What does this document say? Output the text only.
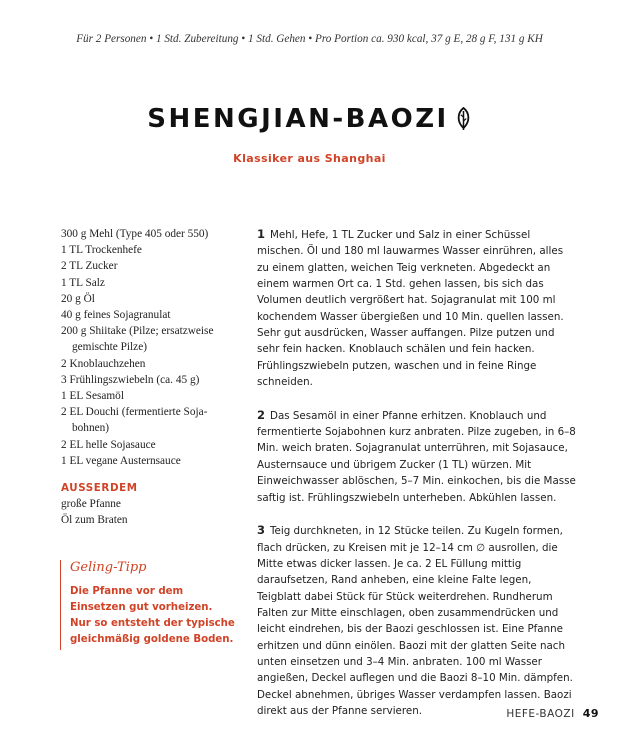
Für 2 Personen • 1 Std. Zubereitung • 1 Std. Gehen • Pro Portion ca. 930 kcal, 37 g E, 28 g F, 131 g KH
SHENGJIAN-BAOZI
Klassiker aus Shanghai
300 g Mehl (Type 405 oder 550)
1 TL Trockenhefe
2 TL Zucker
1 TL Salz
20 g Öl
40 g feines Sojagranulat
200 g Shiitake (Pilze; ersatzweise gemischte Pilze)
2 Knoblauchzehen
3 Frühlingszwiebeln (ca. 45 g)
1 EL Sesamöl
2 EL Douchi (fermentierte Soja-bohnen)
2 EL helle Sojasauce
1 EL vegane Austernsauce
AUSSERDEM
große Pfanne
Öl zum Braten
Geling-Tipp

Die Pfanne vor dem Einsetzen gut vorheizen. Nur so entsteht der typische gleichmäßig goldene Boden.

1 Mehl, Hefe, 1 TL Zucker und Salz in einer Schüssel mischen. Öl und 180 ml lauwarmes Wasser einrühren, alles zu einem glatten, weichen Teig verkneten. Abgedeckt an einem warmen Ort ca. 1 Std. gehen lassen, bis sich das Volumen deutlich vergrößert hat. Sojagranulat mit 100 ml kochendem Wasser übergießen und 10 Min. quellen lassen. Sehr gut ausdrücken, Wasser auffangen. Pilze putzen und sehr fein hacken. Knoblauch schälen und fein hacken. Frühlingszwiebeln putzen, waschen und in feine Ringe schneiden.

2 Das Sesamöl in einer Pfanne erhitzen. Knoblauch und fermentierte Sojabohnen kurz anbraten. Pilze zugeben, in 6–8 Min. weich braten. Sojagranulat unterrühren, mit Sojasauce, Austernsauce und übrigem Zucker (1 TL) würzen. Mit Einweichwasser ablöschen, 5–7 Min. einkochen, bis die Masse saftig ist. Frühlingszwiebeln unterheben. Abkühlen lassen.

3 Teig durchkneten, in 12 Stücke teilen. Zu Kugeln formen, flach drücken, zu Kreisen mit je 12–14 cm ∅ ausrollen, die Mitte etwas dicker lassen. Je ca. 2 EL Füllung mittig daraufsetzen, Rand anheben, eine kleine Falte legen, Teigblatt dabei Stück für Stück weiterdrehen. Rundherum Falten zur Mitte einschlagen, oben zusammendrücken und leicht eindrehen, bis der Baozi geschlossen ist. Eine Pfanne erhitzen und dünn einölen. Baozi mit der glatten Seite nach unten einsetzen und 3–4 Min. anbraten. 100 ml Wasser angießen, Deckel auflegen und die Baozi 8–10 Min. dämpfen. Deckel abnehmen, übriges Wasser verdampfen lassen. Baozi direkt aus der Pfanne servieren.	HEFE-BAOZI 49
